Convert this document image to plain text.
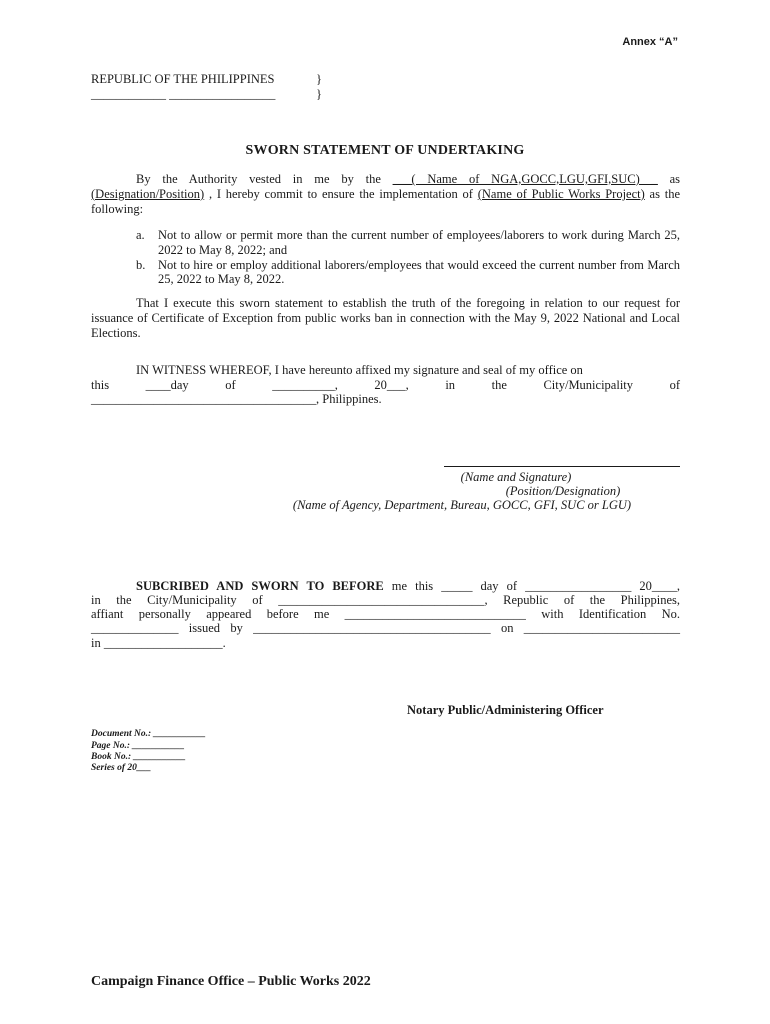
Annex “A”
REPUBLIC OF THE PHILIPPINES
____________ _________________
}
}
SWORN STATEMENT OF UNDERTAKING
By the Authority vested in me by the ___( Name of NGA,GOCC,LGU,GFI,SUC) _ as (Designation/Position) , I hereby commit to ensure the implementation of (Name of Public Works Project) as the following:
a.	Not to allow or permit more than the current number of employees/laborers to work during March 25, 2022 to May 8, 2022; and
b.	Not to hire or employ additional laborers/employees that would exceed the current number from March 25, 2022 to May 8, 2022.
That I execute this sworn statement to establish the truth of the foregoing in relation to our request for issuance of Certificate of Exception from public works ban in connection with the May 9, 2022 National and Local Elections.
IN WITNESS WHEREOF, I have hereunto affixed my signature and seal of my office on
this ____day of __________, 20___, in the City/Municipality of
____________________________________, Philippines.
(Name and Signature)
(Position/Designation)
(Name of Agency, Department, Bureau, GOCC, GFI, SUC or LGU)
SUBCRIBED AND SWORN TO BEFORE me this _____ day of _________________ 20____,
in the City/Municipality of _________________________________, Republic of the Philippines,
affiant personally appeared before me _____________________________ with Identification No.
______________ issued by ______________________________________ on _________________________
in ___________________.
Notary Public/Administering Officer
Document No.: ___________
Page No.: ___________
Book No.: ___________
Series of 20___
Campaign Finance Office – Public Works 2022
